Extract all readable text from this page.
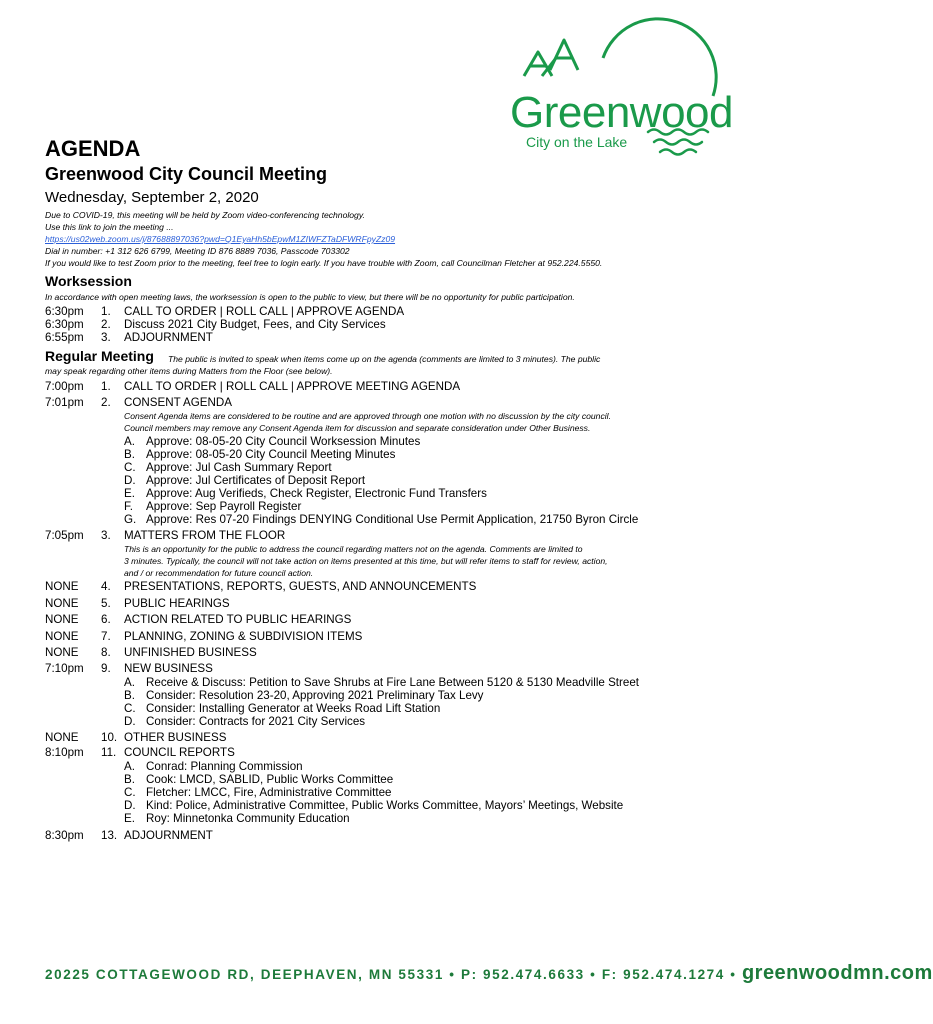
Greenwood
City on the Lake
AGENDA
Greenwood City Council Meeting
Wednesday, September 2, 2020
Due to COVID-19, this meeting will be held by Zoom video-conferencing technology.
Use this link to join the meeting ...
https://us02web.zoom.us/j/87688897036?pwd=Q1EyaHh5bEpwM1ZIWFZTaDFWRFpyZz09
Dial in number: +1 312 626 6799, Meeting ID 876 8889 7036, Passcode 703302
If you would like to test Zoom prior to the meeting, feel free to login early. If you have trouble with Zoom, call Councilman Fletcher at 952.224.5550.
Worksession
In accordance with open meeting laws, the worksession is open to the public to view, but there will be no opportunity for public participation.
6:30pm 1. CALL TO ORDER | ROLL CALL | APPROVE AGENDA
6:30pm 2. Discuss 2021 City Budget, Fees, and City Services
6:55pm 3. ADJOURNMENT
Regular Meeting The public is invited to speak when items come up on the agenda (comments are limited to 3 minutes). The public
may speak regarding other items during Matters from the Floor (see below).
7:00pm 1. CALL TO ORDER | ROLL CALL | APPROVE MEETING AGENDA
7:01pm 2. CONSENT AGENDA
Consent Agenda items are considered to be routine and are approved through one motion with no discussion by the city council.
Council members may remove any Consent Agenda item for discussion and separate consideration under Other Business.
A. Approve: 08-05-20 City Council Worksession Minutes
B. Approve: 08-05-20 City Council Meeting Minutes
C. Approve: Jul Cash Summary Report
D. Approve: Jul Certificates of Deposit Report
E. Approve: Aug Verifieds, Check Register, Electronic Fund Transfers
F. Approve: Sep Payroll Register
G. Approve: Res 07-20 Findings DENYING Conditional Use Permit Application, 21750 Byron Circle
7:05pm 3. MATTERS FROM THE FLOOR
This is an opportunity for the public to address the council regarding matters not on the agenda. Comments are limited to
3 minutes. Typically, the council will not take action on items presented at this time, but will refer items to staff for review, action,
and / or recommendation for future council action.
NONE 4. PRESENTATIONS, REPORTS, GUESTS, AND ANNOUNCEMENTS
NONE 5. PUBLIC HEARINGS
NONE 6. ACTION RELATED TO PUBLIC HEARINGS
NONE 7. PLANNING, ZONING & SUBDIVISION ITEMS
NONE 8. UNFINISHED BUSINESS
7:10pm 9. NEW BUSINESS
A. Receive & Discuss: Petition to Save Shrubs at Fire Lane Between 5120 & 5130 Meadville Street
B. Consider: Resolution 23-20, Approving 2021 Preliminary Tax Levy
C. Consider: Installing Generator at Weeks Road Lift Station
D. Consider: Contracts for 2021 City Services
NONE 10. OTHER BUSINESS
8:10pm 11. COUNCIL REPORTS
A. Conrad: Planning Commission
B. Cook: LMCD, SABLID, Public Works Committee
C. Fletcher: LMCC, Fire, Administrative Committee
D. Kind: Police, Administrative Committee, Public Works Committee, Mayors’ Meetings, Website
E. Roy: Minnetonka Community Education
8:30pm 13. ADJOURNMENT
20225 COTTAGEWOOD RD, DEEPHAVEN, MN 55331 • P: 952.474.6633 • F: 952.474.1274 • greenwoodmn.com
